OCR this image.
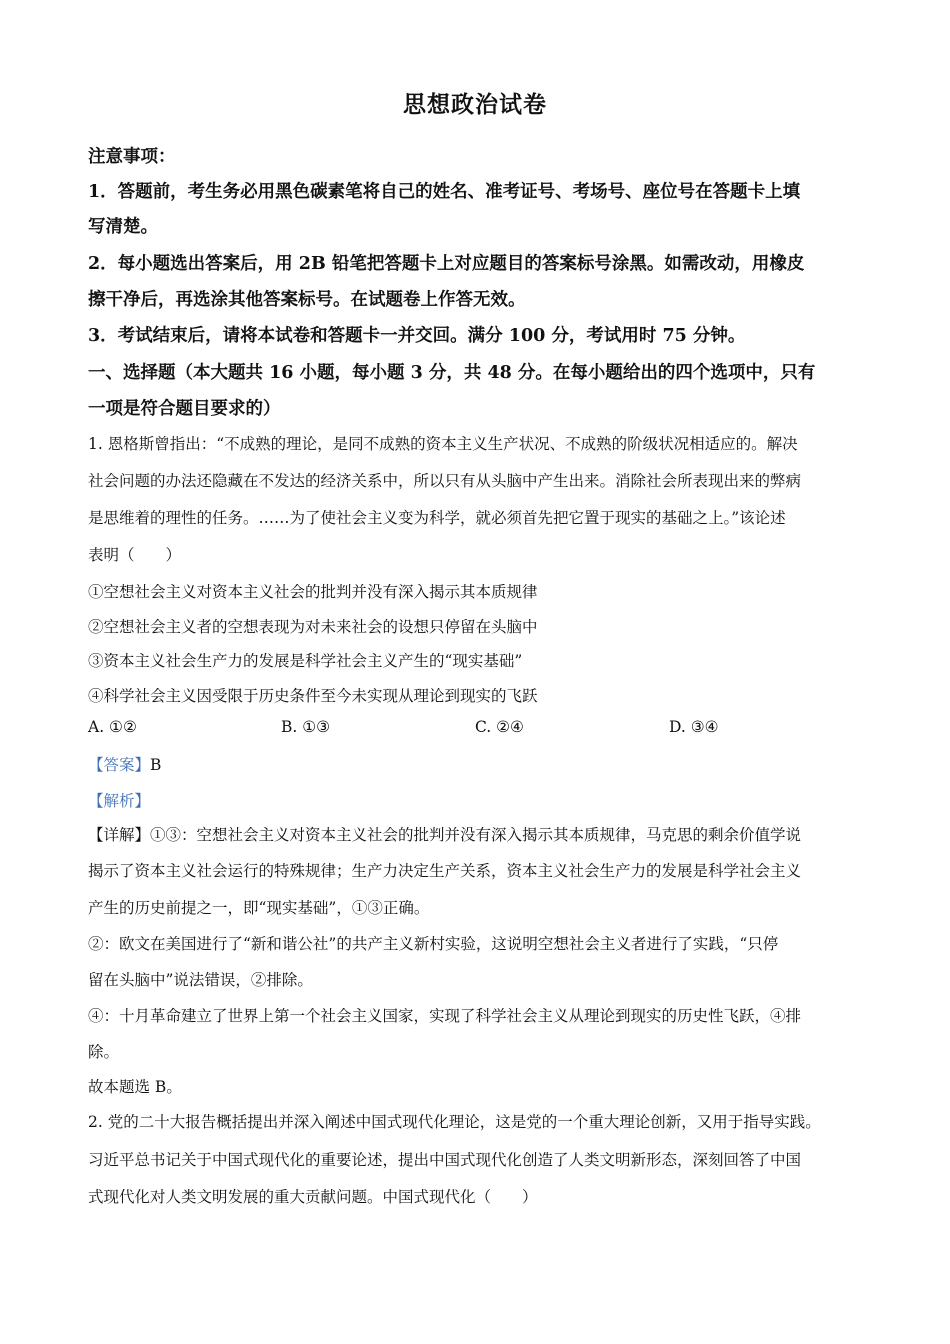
思想政治试卷
注意事项：
1．答题前，考生务必用黑色碳素笔将自己的姓名、准考证号、考场号、座位号在答题卡上填
写清楚。
2．每小题选出答案后，用 2B 铅笔把答题卡上对应题目的答案标号涂黑。如需改动，用橡皮
擦干净后，再选涂其他答案标号。在试题卷上作答无效。
3．考试结束后，请将本试卷和答题卡一并交回。满分 100 分，考试用时 75 分钟。
一、选择题（本大题共 16 小题，每小题 3 分，共 48 分。在每小题给出的四个选项中，只有
一项是符合题目要求的）
1. 恩格斯曾指出：“不成熟的理论，是同不成熟的资本主义生产状况、不成熟的阶级状况相适应的。解决
社会问题的办法还隐藏在不发达的经济关系中，所以只有从头脑中产生出来。消除社会所表现出来的弊病
是思维着的理性的任务。……为了使社会主义变为科学，就必须首先把它置于现实的基础之上。”该论述
表明（　　）
①空想社会主义对资本主义社会的批判并没有深入揭示其本质规律
②空想社会主义者的空想表现为对未来社会的设想只停留在头脑中
③资本主义社会生产力的发展是科学社会主义产生的“现实基础”
④科学社会主义因受限于历史条件至今未实现从理论到现实的飞跃
A. ①②	B. ①③	C. ②④	D. ③④
【答案】B
【解析】
【详解】①③：空想社会主义对资本主义社会的批判并没有深入揭示其本质规律，马克思的剩余价值学说
揭示了资本主义社会运行的特殊规律；生产力决定生产关系，资本主义社会生产力的发展是科学社会主义
产生的历史前提之一，即“现实基础”，①③正确。
②：欧文在美国进行了“新和谐公社”的共产主义新村实验，这说明空想社会主义者进行了实践，“只停
留在头脑中”说法错误，②排除。
④：十月革命建立了世界上第一个社会主义国家，实现了科学社会主义从理论到现实的历史性飞跃，④排
除。
故本题选 B。
2. 党的二十大报告概括提出并深入阐述中国式现代化理论，这是党的一个重大理论创新，又用于指导实践。
习近平总书记关于中国式现代化的重要论述，提出中国式现代化创造了人类文明新形态，深刻回答了中国
式现代化对人类文明发展的重大贡献问题。中国式现代化（　　）
